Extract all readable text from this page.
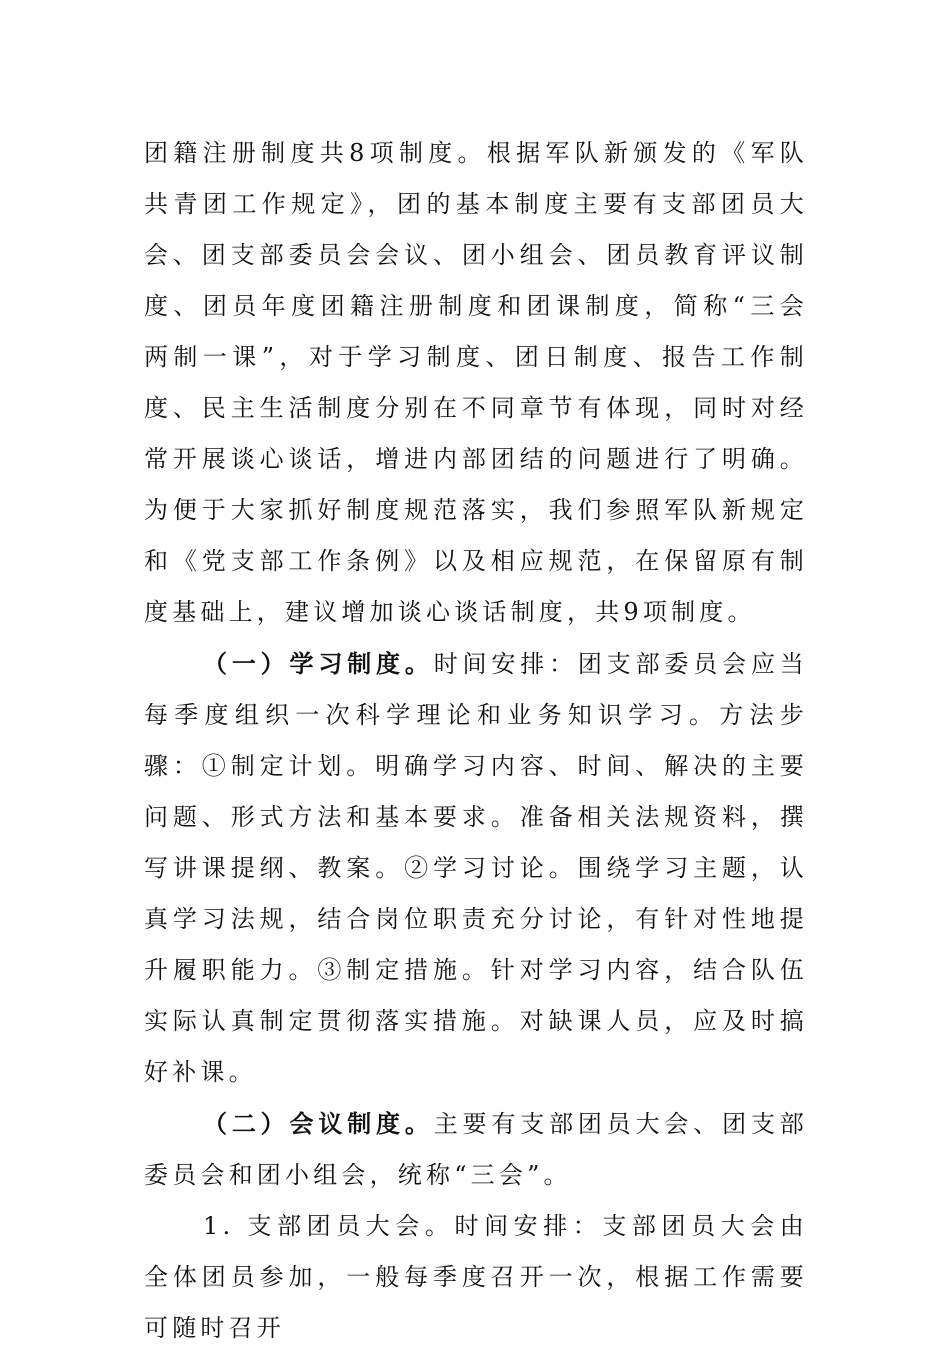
团籍注册制度共8项制度。根据军队新颁发的《军队共青团工作规定》，团的基本制度主要有支部团员大会、团支部委员会会议、团小组会、团员教育评议制度、团员年度团籍注册制度和团课制度，简称“三会两制一课”，对于学习制度、团日制度、报告工作制度、民主生活制度分别在不同章节有体现，同时对经常开展谈心谈话，增进内部团结的问题进行了明确。为便于大家抓好制度规范落实，我们参照军队新规定和《党支部工作条例》以及相应规范，在保留原有制度基础上，建议增加谈心谈话制度，共9项制度。

（一）学习制度。时间安排：团支部委员会应当每季度组织一次科学理论和业务知识学习。方法步骤：①制定计划。明确学习内容、时间、解决的主要问题、形式方法和基本要求。准备相关法规资料，撰写讲课提纲、教案。②学习讨论。围绕学习主题，认真学习法规，结合岗位职责充分讨论，有针对性地提升履职能力。③制定措施。针对学习内容，结合队伍实际认真制定贯彻落实措施。对缺课人员，应及时搞好补课。

（二）会议制度。主要有支部团员大会、团支部委员会和团小组会，统称“三会”。

1. 支部团员大会。时间安排：支部团员大会由全体团员参加，一般每季度召开一次，根据工作需要可随时召开
